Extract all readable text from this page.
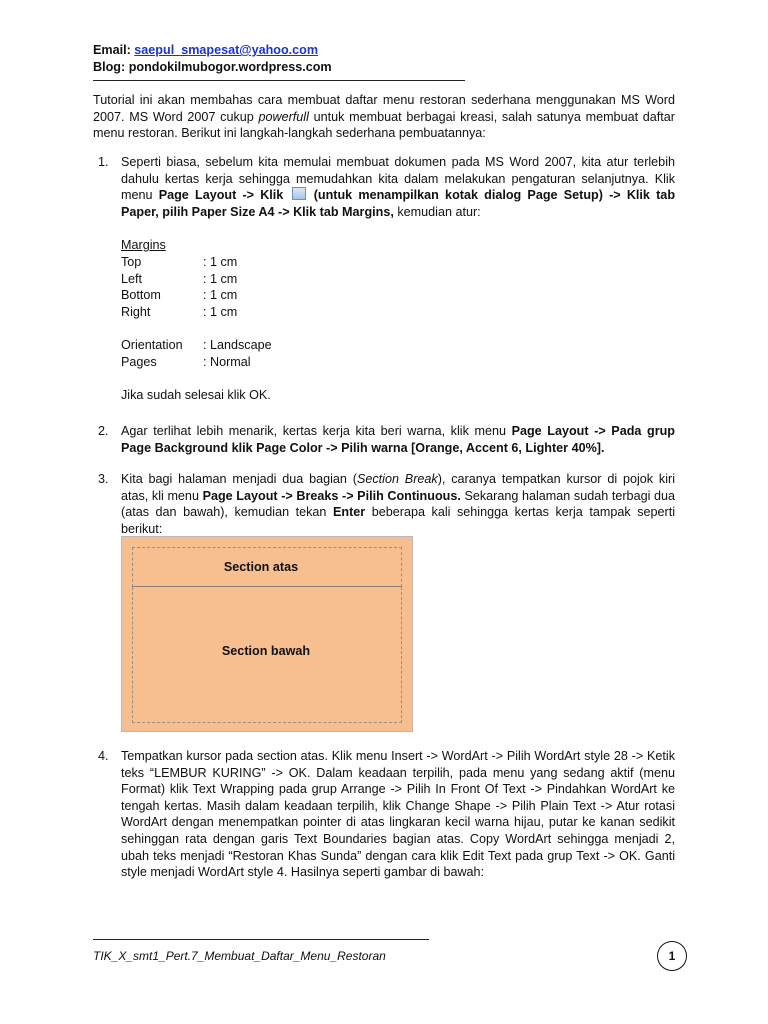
Email: saepul_smapesat@yahoo.com
Blog: pondokilmubogor.wordpress.com
Tutorial ini akan membahas cara membuat daftar menu restoran sederhana menggunakan MS Word 2007. MS Word 2007 cukup powerfull untuk membuat berbagai kreasi, salah satunya membuat daftar menu restoran. Berikut ini langkah-langkah sederhana pembuatannya:
1. Seperti biasa, sebelum kita memulai membuat dokumen pada MS Word 2007, kita atur terlebih dahulu kertas kerja sehingga memudahkan kita dalam melakukan pengaturan selanjutnya. Klik menu Page Layout -> Klik (untuk menampilkan kotak dialog Page Setup) -> Klik tab Paper, pilih Paper Size A4 -> Klik tab Margins, kemudian atur:
Margins
Top	: 1 cm
Left	: 1 cm
Bottom	: 1 cm
Right	: 1 cm
Orientation	: Landscape
Pages	: Normal
Jika sudah selesai klik OK.
2. Agar terlihat lebih menarik, kertas kerja kita beri warna, klik menu Page Layout -> Pada grup Page Background klik Page Color -> Pilih warna [Orange, Accent 6, Lighter 40%].
3. Kita bagi halaman menjadi dua bagian (Section Break), caranya tempatkan kursor di pojok kiri atas, kli menu Page Layout -> Breaks -> Pilih Continuous. Sekarang halaman sudah terbagi dua (atas dan bawah), kemudian tekan Enter beberapa kali sehingga kertas kerja tampak seperti berikut:
Section atas
Section bawah
4. Tempatkan kursor pada section atas. Klik menu Insert -> WordArt -> Pilih WordArt style 28 -> Ketik teks “LEMBUR KURING” -> OK. Dalam keadaan terpilih, pada menu yang sedang aktif (menu Format) klik Text Wrapping pada grup Arrange -> Pilih In Front Of Text -> Pindahkan WordArt ke tengah kertas. Masih dalam keadaan terpilih, klik Change Shape -> Pilih Plain Text -> Atur rotasi WordArt dengan menempatkan pointer di atas lingkaran kecil warna hijau, putar ke kanan sedikit sehinggan rata dengan garis Text Boundaries bagian atas. Copy WordArt sehingga menjadi 2, ubah teks menjadi “Restoran Khas Sunda” dengan cara klik Edit Text pada grup Text -> OK. Ganti style menjadi WordArt style 4. Hasilnya seperti gambar di bawah:
TIK_X_smt1_Pert.7_Membuat_Daftar_Menu_Restoran	1
